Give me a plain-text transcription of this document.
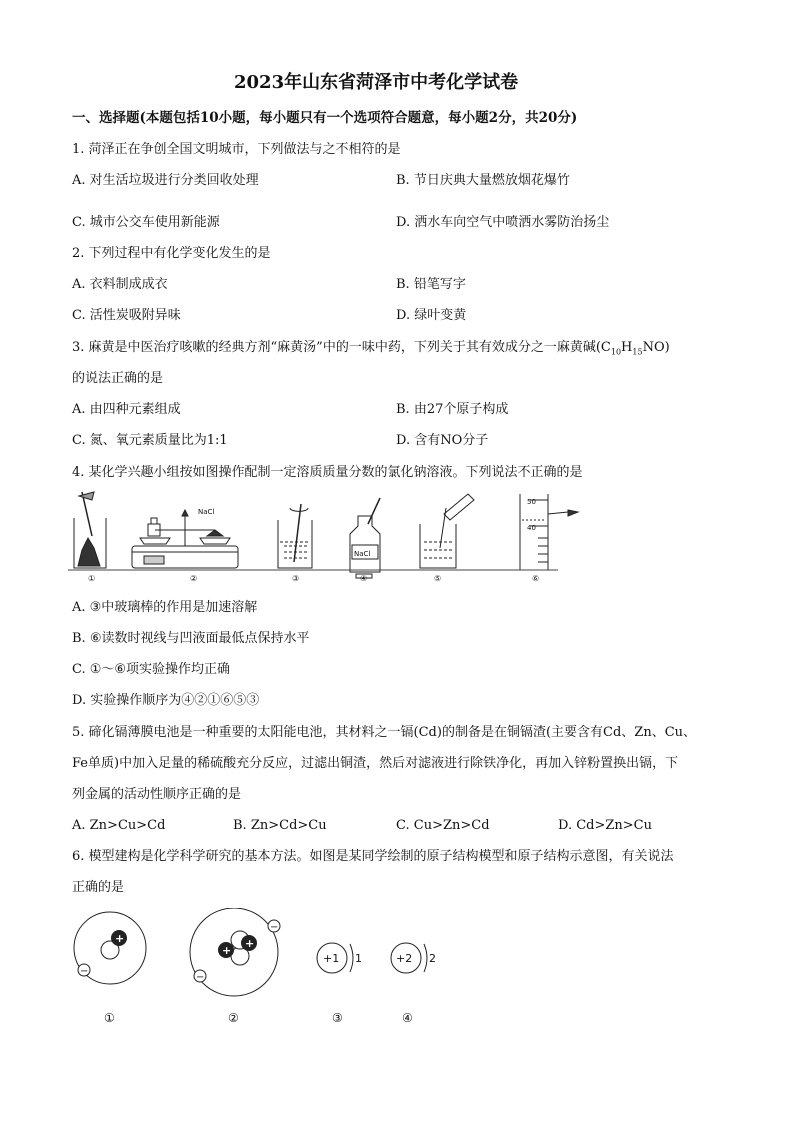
2023年山东省菏泽市中考化学试卷
一、选择题(本题包括10小题，每小题只有一个选项符合题意，每小题2分，共20分)
1. 菏泽正在争创全国文明城市，下列做法与之不相符的是
A. 对生活垃圾进行分类回收处理	B. 节日庆典大量燃放烟花爆竹
C. 城市公交车使用新能源	D. 洒水车向空气中喷洒水雾防治扬尘
2. 下列过程中有化学变化发生的是
A. 衣料制成成衣	B. 铅笔写字
C. 活性炭吸附异味	D. 绿叶变黄
3. 麻黄是中医治疗咳嗽的经典方剂“麻黄汤”中的一味中药，下列关于其有效成分之一麻黄碱$(C_{10}H_{15}NO)$
的说法正确的是
A. 由四种元素组成	B. 由27个原子构成
C. 氮、氧元素质量比为1:1	D. 含有NO分子
4. 某化学兴趣小组按如图操作配制一定溶质质量分数的氯化钠溶液。下列说法不正确的是
NaCl
NaCl
50
40
①	②	③	④	⑤	⑥
A. ③中玻璃棒的作用是加速溶解
B. ⑥读数时视线与凹液面最低点保持水平
C. ①～⑥项实验操作均正确
D. 实验操作顺序为④②①⑥⑤③
5. 碲化镉薄膜电池是一种重要的太阳能电池，其材料之一镉(Cd)的制备是在铜镉渣(主要含有Cd、Zn、Cu、
Fe单质)中加入足量的稀硫酸充分反应，过滤出铜渣，然后对滤液进行除铁净化，再加入锌粉置换出镉，下
列金属的活动性顺序正确的是
A. Zn>Cu>Cd	B. Zn>Cd>Cu	C. Cu>Zn>Cd	D. Cd>Zn>Cu
6. 模型建构是化学科学研究的基本方法。如图是某同学绘制的原子结构模型和原子结构示意图，有关说法
正确的是
+
−
+
+
−
−
+1 1	+2 2
①	②	③	④
